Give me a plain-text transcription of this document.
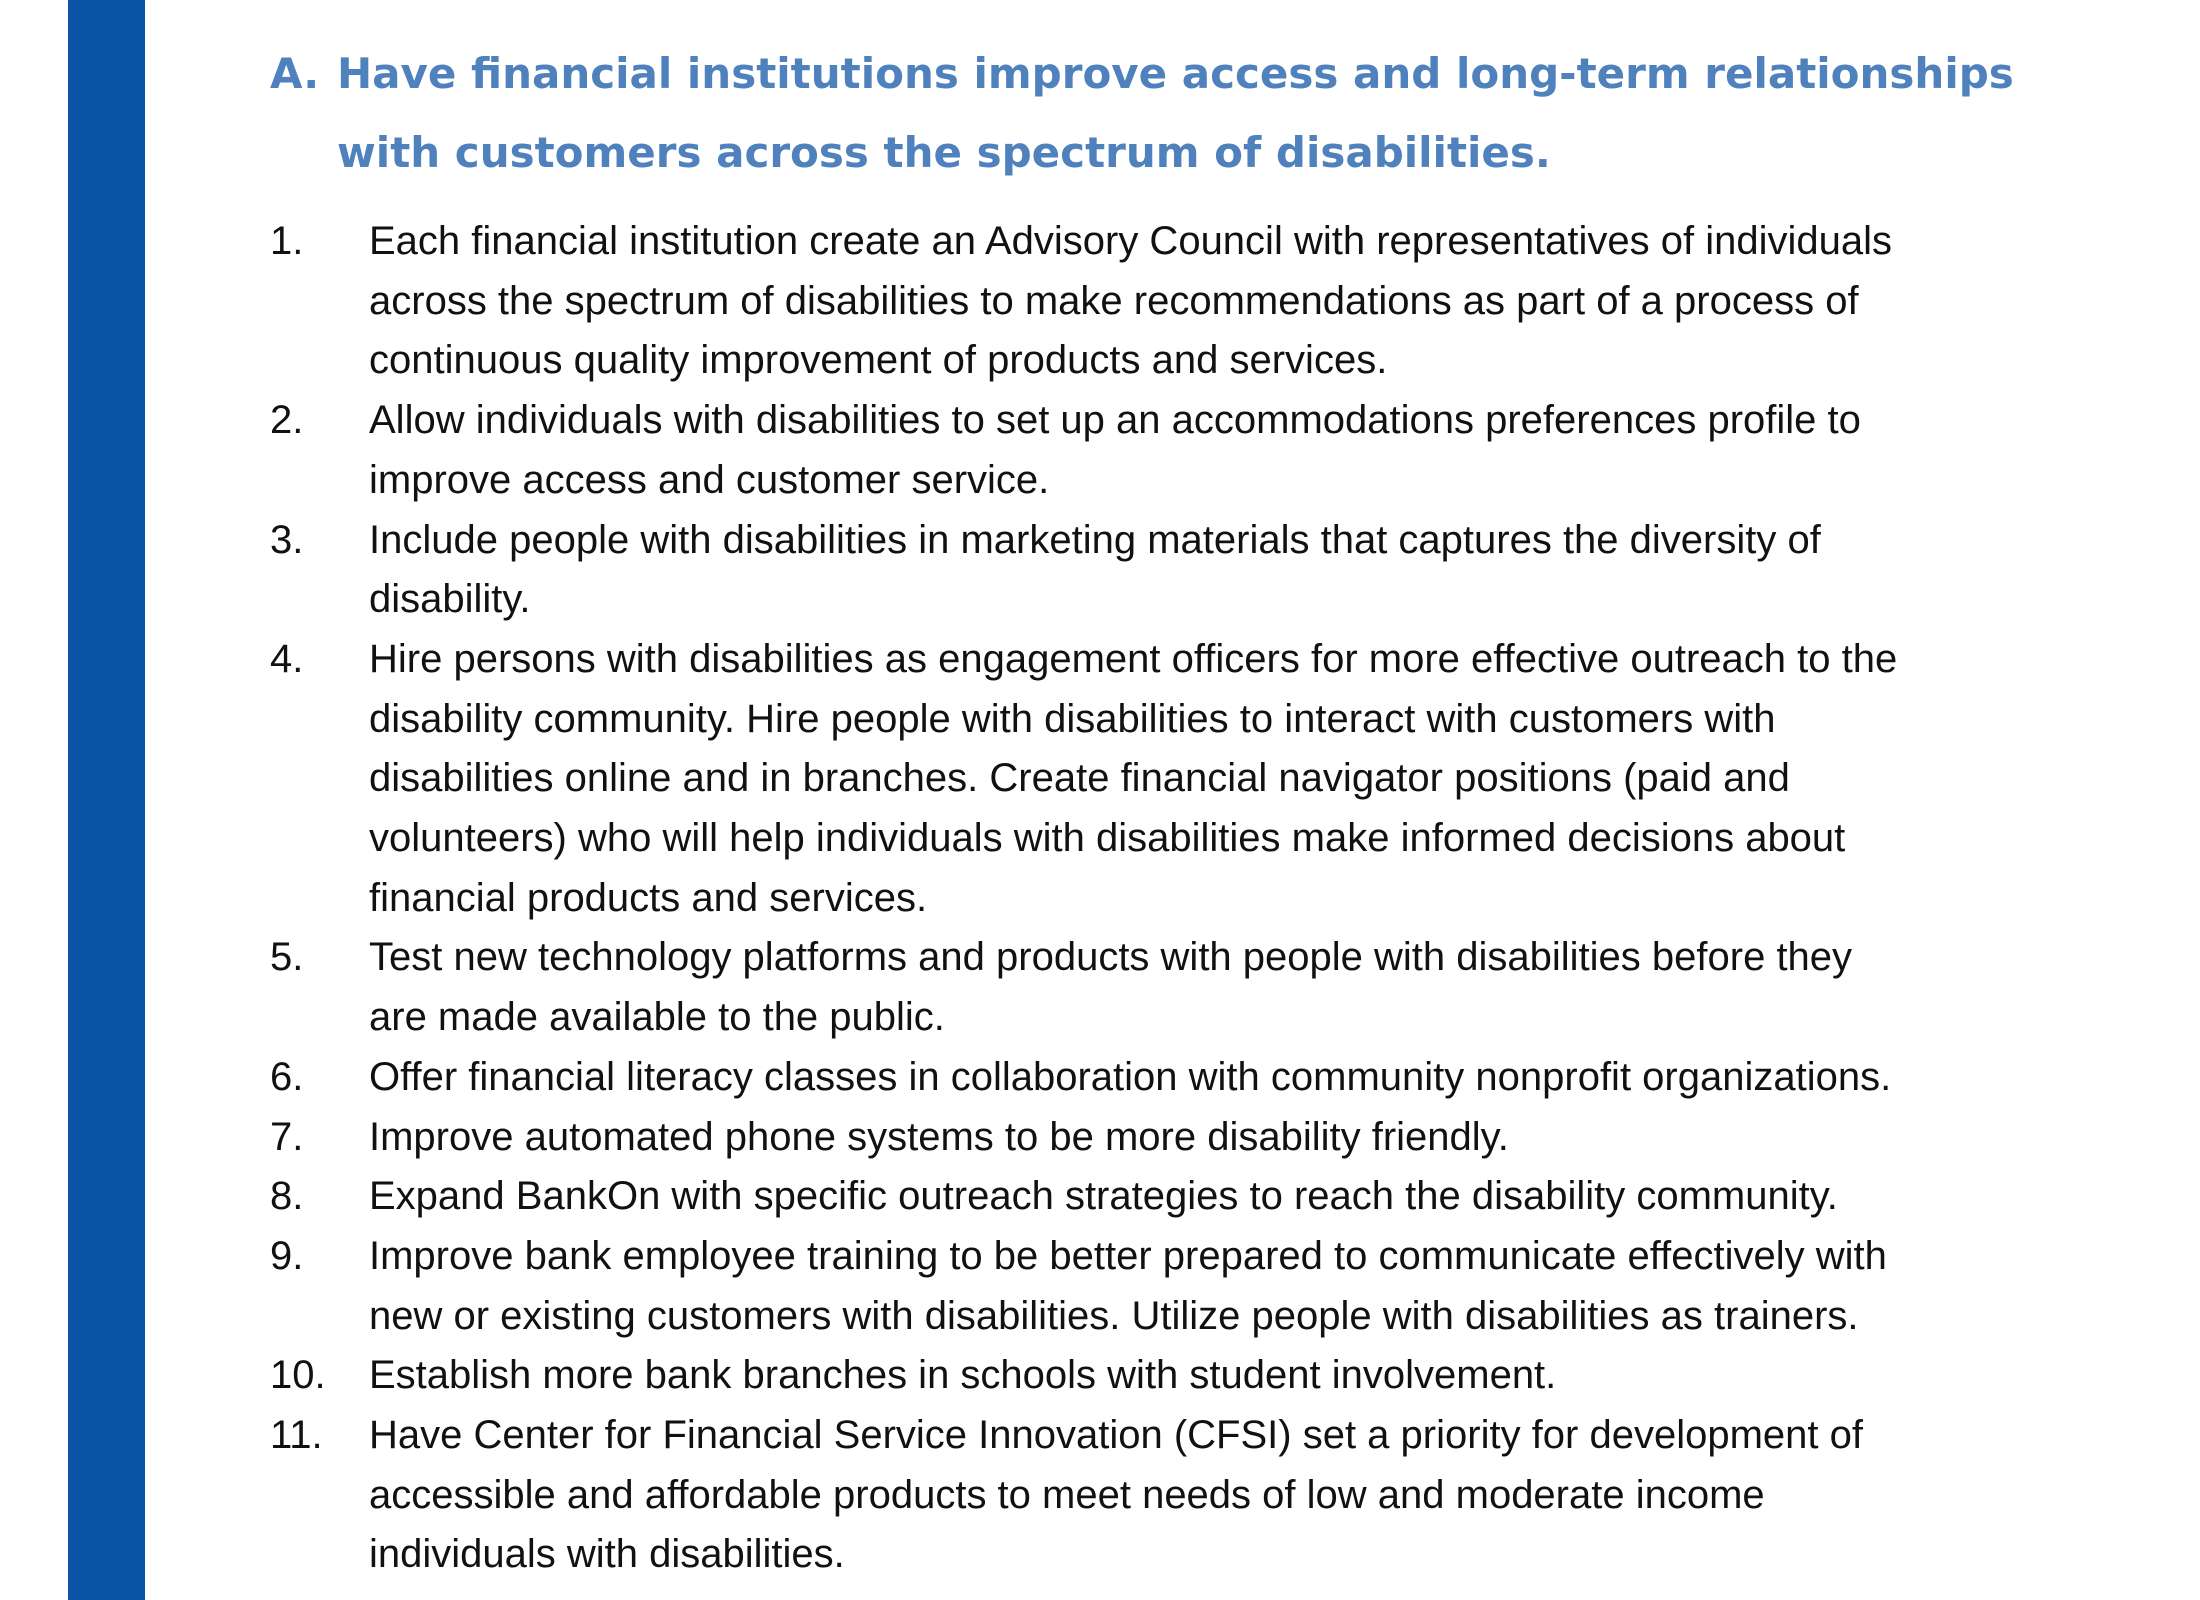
A. Have financial institutions improve access and long-term relationships
with customers across the spectrum of disabilities.
1. Each financial institution create an Advisory Council with representatives of individuals
across the spectrum of disabilities to make recommendations as part of a process of
continuous quality improvement of products and services.
2. Allow individuals with disabilities to set up an accommodations preferences profile to
improve access and customer service.
3. Include people with disabilities in marketing materials that captures the diversity of
disability.
4. Hire persons with disabilities as engagement officers for more effective outreach to the
disability community. Hire people with disabilities to interact with customers with
disabilities online and in branches. Create financial navigator positions (paid and
volunteers) who will help individuals with disabilities make informed decisions about
financial products and services.
5. Test new technology platforms and products with people with disabilities before they
are made available to the public.
6. Offer financial literacy classes in collaboration with community nonprofit organizations.
7. Improve automated phone systems to be more disability friendly.
8. Expand BankOn with specific outreach strategies to reach the disability community.
9. Improve bank employee training to be better prepared to communicate effectively with
new or existing customers with disabilities. Utilize people with disabilities as trainers.
10. Establish more bank branches in schools with student involvement.
11. Have Center for Financial Service Innovation (CFSI) set a priority for development of
accessible and affordable products to meet needs of low and moderate income
individuals with disabilities.
